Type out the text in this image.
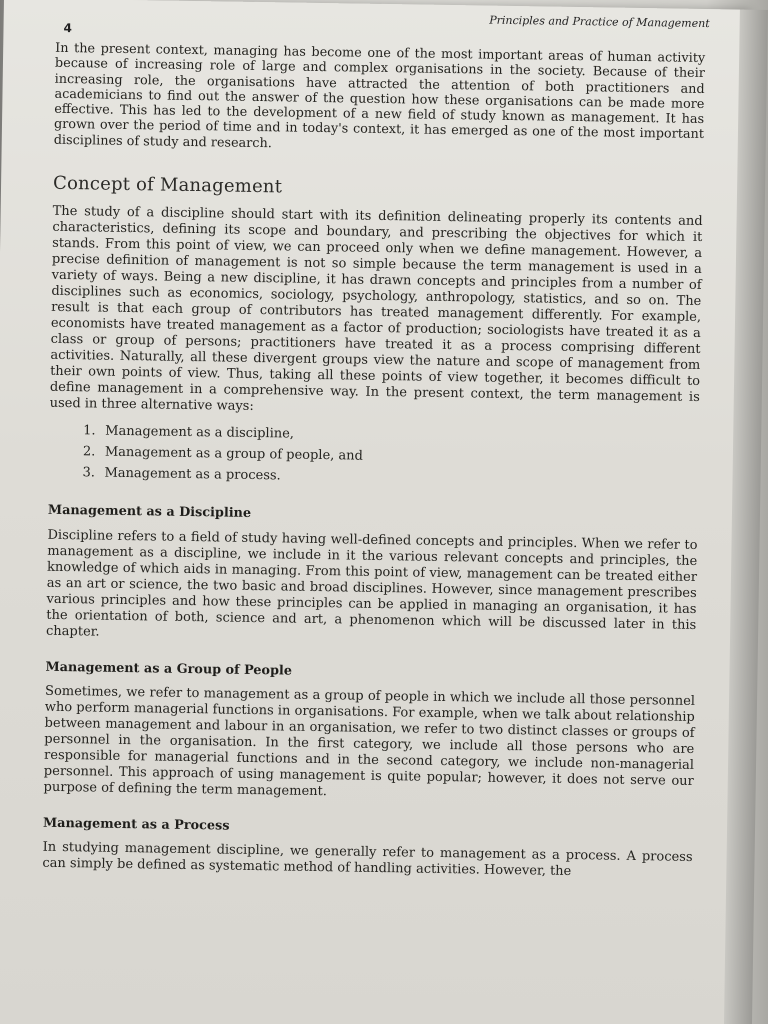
4	Principles and Practice of Management

In the present context, managing has become one of the most important areas of human activity because of increasing role of large and complex organisations in the society. Because of their increasing role, the organisations have attracted the attention of both practitioners and academicians to find out the answer of the question how these organisations can be made more effective. This has led to the development of a new field of study known as management. It has grown over the period of time and in today's context, it has emerged as one of the most important disciplines of study and research.

Concept of Management

The study of a discipline should start with its definition delineating properly its contents and characteristics, defining its scope and boundary, and prescribing the objectives for which it stands. From this point of view, we can proceed only when we define management. However, a precise definition of management is not so simple because the term management is used in a variety of ways. Being a new discipline, it has drawn concepts and principles from a number of disciplines such as economics, sociology, psychology, anthropology, statistics, and so on. The result is that each group of contributors has treated management differently. For example, economists have treated management as a factor of production; sociologists have treated it as a class or group of persons; practitioners have treated it as a process comprising different activities. Naturally, all these divergent groups view the nature and scope of management from their own points of view. Thus, taking all these points of view together, it becomes difficult to define management in a comprehensive way. In the present context, the term management is used in three alternative ways:

1. Management as a discipline,
2. Management as a group of people, and
3. Management as a process.
Management as a Discipline

Discipline refers to a field of study having well-defined concepts and principles. When we refer to management as a discipline, we include in it the various relevant concepts and principles, the knowledge of which aids in managing. From this point of view, management can be treated either as an art or science, the two basic and broad disciplines. However, since management prescribes various principles and how these principles can be applied in managing an organisation, it has the orientation of both, science and art, a phenomenon which will be discussed later in this chapter.

Management as a Group of People

Sometimes, we refer to management as a group of people in which we include all those personnel who perform managerial functions in organisations. For example, when we talk about relationship between management and labour in an organisation, we refer to two distinct classes or groups of personnel in the organisation. In the first category, we include all those persons who are responsible for managerial functions and in the second category, we include non-managerial personnel. This approach of using management is quite popular; however, it does not serve our purpose of defining the term management.

Management as a Process

In studying management discipline, we generally refer to management as a process. A process can simply be defined as systematic method of handling activities. However, the
